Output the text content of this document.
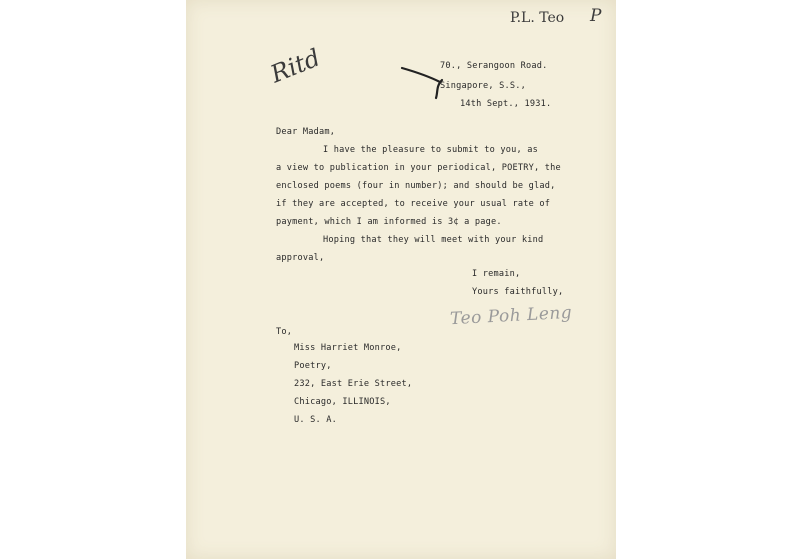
P.L. Teo P
Ritd	70., Serangoon Road.
Singapore, S.S.,
14th Sept., 1931.
Dear Madam,
I have the pleasure to submit to you, as
a view to publication in your periodical, POETRY, the
enclosed poems (four in number); and should be glad,
if they are accepted, to receive your usual rate of
payment, which I am informed is 3¢ a page.
Hoping that they will meet with your kind
approval,
I remain,
Yours faithfully,
Teo Poh Leng
To,
Miss Harriet Monroe,
Poetry,
232, East Erie Street,
Chicago, ILLINOIS,
U. S. A.
